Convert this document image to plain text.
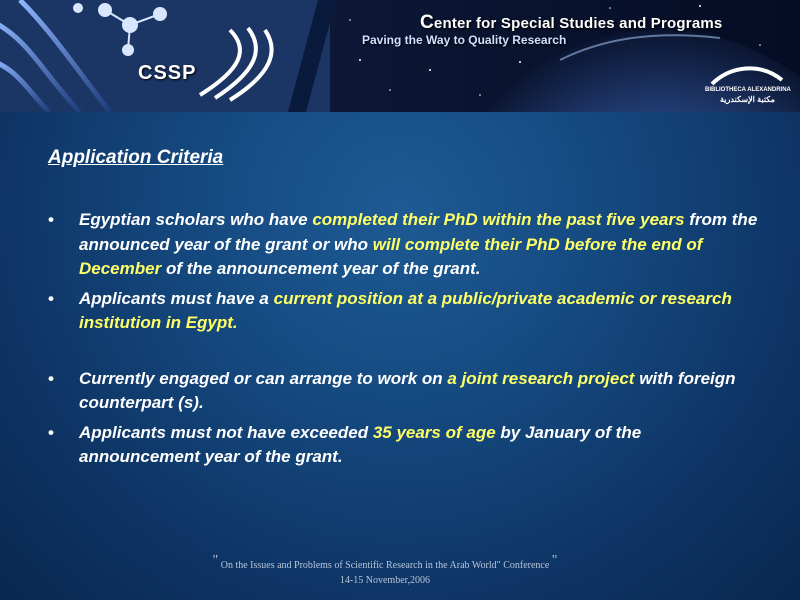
CSSP
Center for Special Studies and Programs
Paving the Way to Quality Research
BIBLIOTHECA ALEXANDRINA
مكتبة الإسكندرية
Application Criteria
• Egyptian scholars who have completed their PhD within the past five years from the announced year of the grant or who will complete their PhD before the end of December of the announcement year of the grant.
• Applicants must have a current position at a public/private academic or research institution in Egypt.
• Currently engaged or can arrange to work on a joint research project with foreign counterpart (s).
• Applicants must not have exceeded 35 years of age by January of the announcement year of the grant.
" On the Issues and Problems of Scientific Research in the Arab World" Conference "
14-15 November,2006
